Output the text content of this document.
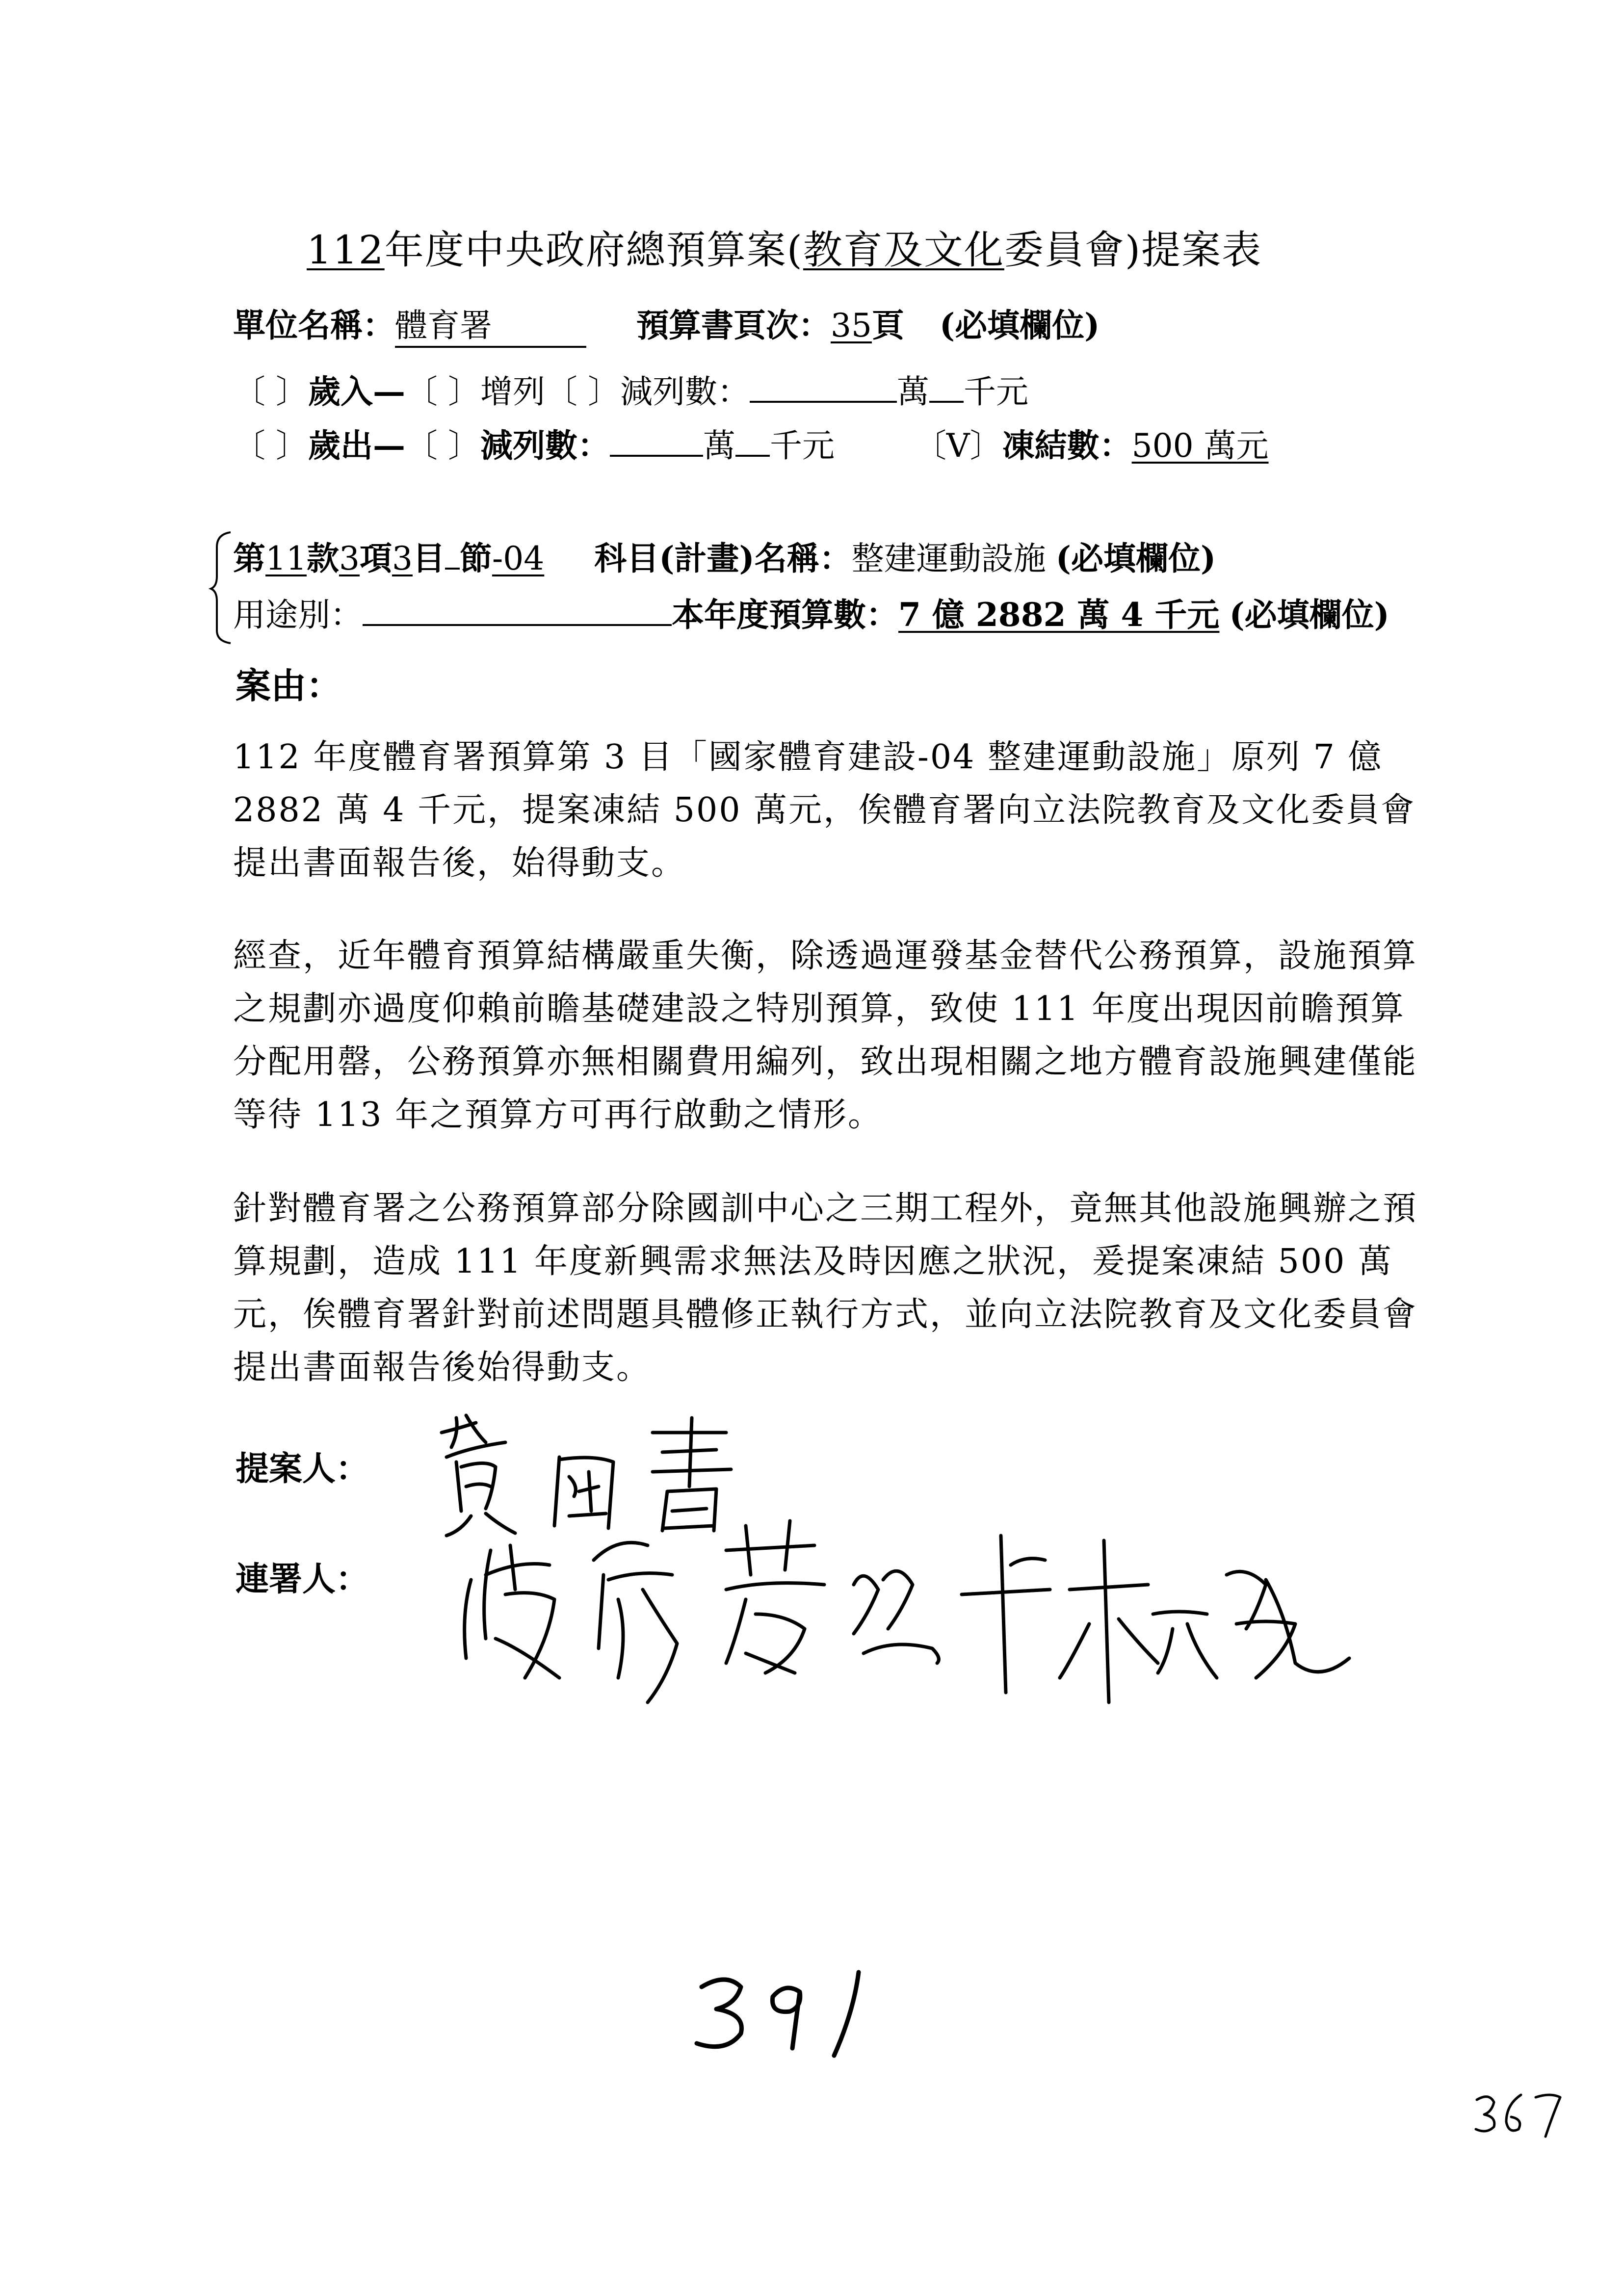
112年度中央政府總預算案(教育及文化委員會)提案表
單位名稱：體育署	預算書頁次：35頁 (必填欄位)
〔 〕歲入—〔 〕增列〔 〕減列數：	萬 千元
〔 〕歲出—〔 〕減列數：	萬 千元 〔V〕凍結數：500 萬元
第11款3項3目 節-04 科目(計畫)名稱：整建運動設施 (必填欄位)
用途別：	本年度預算數：7 億 2882 萬 4 千元 (必填欄位)
案由：
112 年度體育署預算第 3 目「國家體育建設-04 整建運動設施」原列 7 億 2882 萬 4 千元，提案凍結 500 萬元，俟體育署向立法院教育及文化委員會提出書面報告後，始得動支。
經查，近年體育預算結構嚴重失衡，除透過運發基金替代公務預算，設施預算之規劃亦過度仰賴前瞻基礎建設之特別預算，致使 111 年度出現因前瞻預算分配用罄，公務預算亦無相關費用編列，致出現相關之地方體育設施興建僅能等待 113 年之預算方可再行啟動之情形。
針對體育署之公務預算部分除國訓中心之三期工程外，竟無其他設施興辦之預算規劃，造成 111 年度新興需求無法及時因應之狀況，爰提案凍結 500 萬元，俟體育署針對前述問題具體修正執行方式，並向立法院教育及文化委員會提出書面報告後始得動支。
提案人：
連署人：
